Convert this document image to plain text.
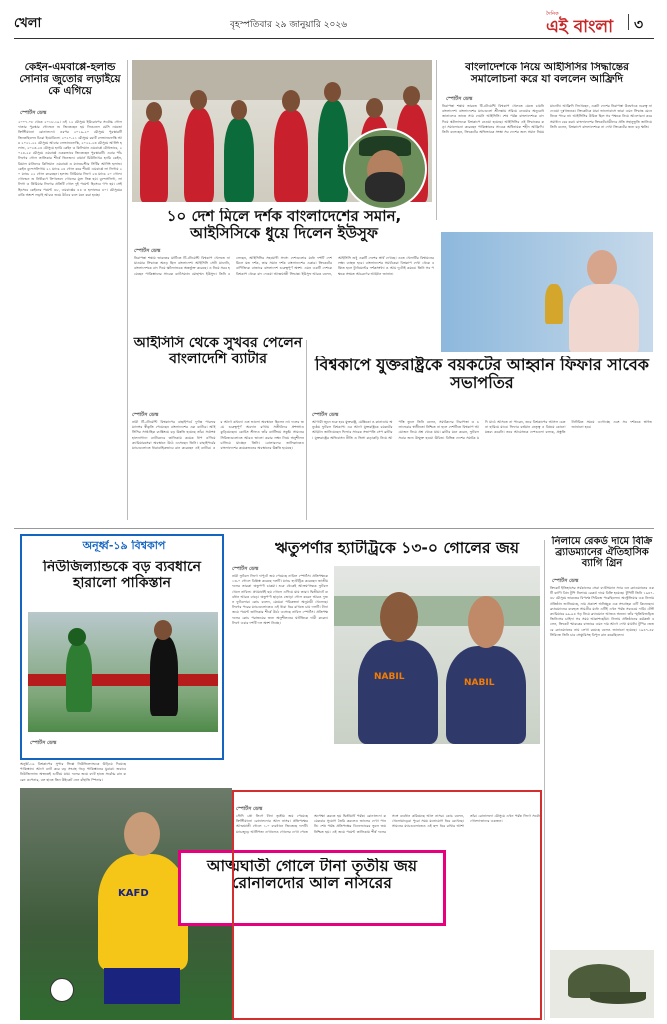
খেলা	বৃহস্পতিবার ২৯ জানুয়ারি ২০২৬
দৈনিক
এই বাংলা ৩
কেইন-এমবাপ্পে-হলান্ড সোনার জুতোর লড়াইয়ে কে এগিয়ে
স্পোর্টস ডেস্ক
২০০৭-০৮ থেকে ২০১৮-১৯। এই ১২ মৌসুমে ইউরোপের সর্বোচ্চ গোলদাতার পুরস্কার গোল্ডেন শু জিতেছেন হয় লিওনেল মেসি নয়তো ক্রিস্টিয়ানো রোনালদো। এরপর ২০১৯-২০ মৌসুমে পুরস্কারটি জিতেছিলেন চিরো ইমোবিলে। ২০২০-২১ মৌসুমে রবার্ট লেভানডফস্কি আর ২০২১-২২ মৌসুমে আবার লেভানডফস্কি, ২০২২-২৩ মৌসুমে আর্লিং হলান্ড, ২০২৩-২৪ মৌসুমে হ্যারি কেইন ও কিলিয়ান এমবাপ্পে যৌথভাবে, ২০২৪-২৫ মৌসুমে এমবাপ্পে এককভাবে জিতেছেন পুরস্কারটি। এবার পাঁচ লিগের গোল তালিকার শীর্ষে তিনজন। বায়ার্ন মিউনিখের হ্যারি কেইন, রিয়াল মাদ্রিদের কিলিয়ান এমবাপ্পে ও ম্যানচেস্টার সিটির আর্লিং হলান্ড। কেইন বুন্দেসলিগায় ২১ ম্যাচে ২৪ গোল করে শীর্ষে। এমবাপ্পে লা লিগায় ২০ ম্যাচে ২২ গোল করেছেন। হলান্ড প্রিমিয়ার লিগে ২৩ ম্যাচে ২০ গোল। গোল্ডেন শু নির্ধারণে লিগভেদে গোলের মূল্য ভিন্ন হয়। বুন্দেসলিগা, লা লিগা ও প্রিমিয়ার লিগের প্রতিটি গোল দুই পয়েন্ট হিসেবে গণ্য হয়। সেই হিসেবে কেইনের পয়েন্ট ৪৮, এমবাপ্পের ৪৪ ও হলান্ডের ৪০। মৌসুমের বাকি অংশে লড়াই আরও জমে উঠবে বলে মনে করা হচ্ছে।
বাংলাদেশকে নিয়ে আইসিসির সিদ্ধান্তের সমালোচনা করে যা বললেন আফ্রিদি
স্পোর্টস ডেস্ক
নিরাপত্তা শঙ্কায় ভারতে টি-টোয়েন্টি বিশ্বকাপ খেলতে যেতে চায়নি বাংলাদেশ। বাংলাদেশের ম্যাচগুলো শ্রীলঙ্কায় সরিয়ে নেওয়ার অনুরোধ জানালেও তাতে সায় দেয়নি আইসিসি। শেষ পর্যন্ত বাংলাদেশকে বাদ দিয়ে স্কটল্যান্ডকে বিশ্বকাপে নেওয়া হয়েছে। আইসিসির এই সিদ্ধান্তের কড়া সমালোচনা করেছেন পাকিস্তানের সাবেক অধিনায়ক শহীদ আফ্রিদি। তিনি বলেছেন, ক্রিকেটের অভিভাবক সংস্থা সব দেশের জন্য সমান নিয়ম মানেনি। আফ্রিদি লিখেছেন, একটা দেশের নিরাপত্তা উদ্বেগকে গুরুত্ব না দেওয়া দুঃখজনক। ক্রিকেটকে যারা ভালোবাসে তারা এমন সিদ্ধান্ত মেনে নিতে পারে না। আইসিসির উচিত ছিল সব পক্ষকে নিয়ে আলোচনা করে সমাধান বের করা। বাংলাদেশের ক্রিকেটপ্রেমীদের প্রতি সহানুভূতি জানিয়ে তিনি বলেন, বিশ্বকাপে বাংলাদেশকে না দেখা ক্রিকেটের জন্য বড় ক্ষতি।
১০ দেশ মিলে দর্শক বাংলাদেশের সমান, আইসিসিকে ধুয়ে দিলেন ইউসুফ
স্পোর্টস ডেস্ক
নিরাপত্তা শঙ্কায় ভারতের মাটিতে টি-টোয়েন্টি বিশ্বকাপ খেলতে না যাওয়ার সিদ্ধান্তে অনড় ছিল বাংলাদেশ। আইসিসি সেটা মানেনি, বাংলাদেশকে বাদ দিয়ে স্কটল্যান্ডকে অন্তর্ভুক্ত করেছে। এ নিয়ে সরব হয়েছেন পাকিস্তানের সাবেক ব্যাটসম্যান মোহাম্মদ ইউসুফ। তিনি বলেছেন, আইসিসির সহযোগী সদস্য দেশগুলোর মধ্যে দশটি দেশ মিলে যত দর্শক, তার সমান দর্শক বাংলাদেশের একার। ক্রিকেটের বাণিজ্যিক বাজারে বাংলাদেশ গুরুত্বপূর্ণ অংশ। এমন একটি দেশকে বিশ্বকাপ থেকে বাদ দেওয়া আত্মঘাতী সিদ্ধান্ত। ইউসুফ আরও বলেন, আইসিসি শুধু একটি দেশের স্বার্থ দেখছে। এতে খেলাটির বিশ্বায়নের লক্ষ্য ব্যাহত হবে। বাংলাদেশের সমর্থকেরা বিশ্বকাপ দেখা থেকে বঞ্চিত হলে টুর্নামেন্টের দর্শকসংখ্যা ও আয় দুটোই কমবে। তিনি সব পক্ষকে সংযত আচরণের আহ্বান জানান।
আইসিসি থেকে সুখবর পেলেন বাংলাদেশি ব্যাটার
স্পোর্টস ডেস্ক
নারী টি-টোয়েন্টি বিশ্বকাপের বাছাইপর্বে দুর্দান্ত পারফরম্যান্সের স্বীকৃতি পেয়েছেন বাংলাদেশের এক ব্যাটার। আইসিসির সাপ্তাহিক র‍্যাঙ্কিংয়ে বড় উন্নতি হয়েছে তাঁর। সর্বশেষ হালনাগাদে ব্যাটারদের তালিকায় কয়েক ধাপ এগিয়ে ক্যারিয়ারসেরা অবস্থানে উঠে এসেছেন তিনি। বাছাইপর্বের ম্যাচগুলোতে ধারাবাহিকভাবে রান করেছেন এই ব্যাটার। এর আগে কখনো এত ভালো অবস্থানে ছিলেন না। দলের জয়ে গুরুত্বপূর্ণ অবদান রাখায় সতীর্থদের প্রশংসাও কুড়িয়েছেন। কোচিং স্টাফও তাঁর ব্যাটিংয়ে সন্তুষ্ট। সামনের সিরিজগুলোতে আরও ভালো করার লক্ষ্য নিয়ে অনুশীলন চালিয়ে যাচ্ছেন তিনি। বোলারদের তালিকাতেও বাংলাদেশের কয়েকজনের অবস্থানের উন্নতি হয়েছে।
বিশ্বকাপে যুক্তরাষ্ট্রকে বয়কটের আহ্বান ফিফার সাবেক সভাপতির
স্পোর্টস ডেস্ক
আগামী জুনে শুরু হবে যুক্তরাষ্ট্র, মেক্সিকো ও কানাডায় অনুষ্ঠেয় ফুটবল বিশ্বকাপ। এর আগে যুক্তরাষ্ট্রকে বয়কটের আহ্বান জানিয়েছেন ফিফার সাবেক সভাপতি সেপ ব্লাটার। যুক্তরাষ্ট্রের অভিবাসন নীতি ও ভিসা কড়াকড়ি নিয়ে আপত্তি তুলে তিনি বলেন, সমর্থকদের নিরাপত্তা ও চলাফেরার স্বাধীনতা নিশ্চিত না হলে দেশটিতে বিশ্বকাপ আয়োজন নিয়ে প্রশ্ন থেকে যায়। ব্লাটার মনে করেন, ফুটবল সবার জন্য উন্মুক্ত হওয়া উচিত। বিভিন্ন দেশের সমর্থক যদি মাঠে আসতে না পারেন, তবে বিশ্বকাপের আসল চেতনা হারিয়ে যাবে। ফিফার বর্তমান নেতৃত্ব এ বিষয়ে কোনো মন্তব্য করেনি। তবে আয়োজক দেশগুলো বলছে, প্রস্তুতি নির্ধারিত সময়ে এগোচ্ছে এবং সব দর্শককে স্বাগত জানানো হবে।
অনূর্ধ্ব-১৯ বিশ্বকাপ
নিউজিল্যান্ডকে বড় ব্যবধানে হারালো পাকিস্তান
স্পোর্টস ডেস্ক
অনূর্ধ্ব-১৯ বিশ্বকাপের সুপার সিক্সে নিউজিল্যান্ডকে উড়িয়ে দিয়েছে পাকিস্তান। আগে ব্যাট করে বড় সংগ্রহ গড়ে পাকিস্তানের যুবারা। জবাবে নিউজিল্যান্ড অল্পতেই গুটিয়ে যায়। দলের জয়ে ব্যাট হাতে সর্বোচ্চ রান করেন ওপেনার, বল হাতে তিন উইকেট নেন বাঁহাতি স্পিনার।
ঋতুপর্ণার হ্যাটট্রিকে ১৩-০ গোলের জয়
স্পোর্টস ডেস্ক
নারী ফুটবল লিগে দাপুটে জয় পেয়েছে নাবিল স্পোর্টস। প্রতিপক্ষকে ১৩-০ গোলে বিধ্বস্ত করেছে দলটি। ম্যাচে হ্যাটট্রিক করেছেন জাতীয় দলের তারকা ঋতুপর্ণা চাকমা। শুরু থেকেই আক্রমণাত্মক ফুটবল খেলে নাবিল। প্রথমার্ধেই ছয় গোলে এগিয়ে যায় তারা। দ্বিতীয়ার্ধে ব্যবধান আরও বাড়ে। ঋতুপর্ণা ছাড়াও জোড়া গোল করেন আরও দুজন ফুটবলার। কোচ বলেন, মেয়েরা পরিকল্পনা অনুযায়ী খেলেছে। লিগের পরের ম্যাচগুলোতেও এই ধারা ধরে রাখতে চায় দলটি। টানা জয়ে পয়েন্ট তালিকার শীর্ষে উঠে এসেছে নাবিল স্পোর্টস। প্রতিপক্ষ দলের কোচ পরাজয়ের জন্য অনুশীলনের ঘাটতিকে দায়ী করেন। লিগে এবার দশটি দল অংশ নিচ্ছে।
NABIL
NABIL
নিলামে রেকর্ড দামে বিক্রি ব্র্যাডম্যানের ঐতিহাসিক ব্যাগি গ্রিন
স্পোর্টস ডেস্ক
ক্রিকেট ইতিহাসের সর্বকালের সেরা ব্যাটসম্যান স্যার ডন ব্র্যাডম্যানের একটি ব্যাগি গ্রিন টুপি নিলামে রেকর্ড দামে বিক্রি হয়েছে। টুপিটি তিনি ১৯৪৭-৪৮ মৌসুমে ভারতের বিপক্ষে সিরিজে পরেছিলেন। অস্ট্রেলিয়ার এক নিলাম প্রতিষ্ঠান জানিয়েছে, নাম প্রকাশে অনিচ্ছুক এক সংগ্রাহক এটি কিনেছেন। ব্র্যাডম্যানের ব্যবহৃত সামগ্রীর মধ্যে এটিই এখন পর্যন্ত সবচেয়ে দামি। টেস্ট ক্যারিয়ারে ৯৯.৯৪ গড় নিয়ে ব্র্যাডম্যান আজও অনন্য। তাঁর স্মৃতিবিজড়িত জিনিসের চাহিদা সব সময় আকাশছোঁয়া। নিলাম প্রতিষ্ঠানের কর্মকর্তা বলেন, ক্রিকেট স্মারকের বাজারে এমন দাম আগে দেখা যায়নি। টুপির ভেতরে ব্র্যাডম্যানের নাম লেখা রয়েছে বলেও জানানো হয়েছে। ১৯৪৭-৪৮ সিরিজে তিনি চার সেঞ্চুরিসহ বিপুল রান করেছিলেন।
KAFD
স্পোর্টস ডেস্ক
সৌদি প্রো লিগে টানা তৃতীয় জয় পেয়েছে ক্রিস্টিয়ানো রোনালদোর আল নাসর। প্রতিপক্ষের আত্মঘাতী গোলে ১-০ ব্যবধানে জিতেছে দলটি। ম্যাচজুড়ে আধিপত্য দেখালেও গোলের দেখা পেতে অপেক্ষা করতে হয় দ্বিতীয়ার্ধ পর্যন্ত। রোনালদো কয়েকবার সুযোগ তৈরি করলেও জালের দেখা পাননি। শেষ পর্যন্ত প্রতিপক্ষের ডিফেন্ডারের ভুলে জয় নিশ্চিত হয়। এই জয়ে পয়েন্ট তালিকায় শীর্ষ দলের সঙ্গে ব্যবধান কমিয়েছে আল নাসর। কোচ বলেন, খেলোয়াড়েরা পুরো সময় মনোযোগ ধরে রেখেছে। সামনের ম্যাচগুলোতেও এই ছন্দ ধরে রাখার আশা তাঁর। রোনালদো মৌসুমে এখন পর্যন্ত লিগে সর্বোচ্চ গোলদাতাদের একজন।
আত্মঘাতী গোলে টানা তৃতীয় জয় রোনালদোর আল নাসরের
